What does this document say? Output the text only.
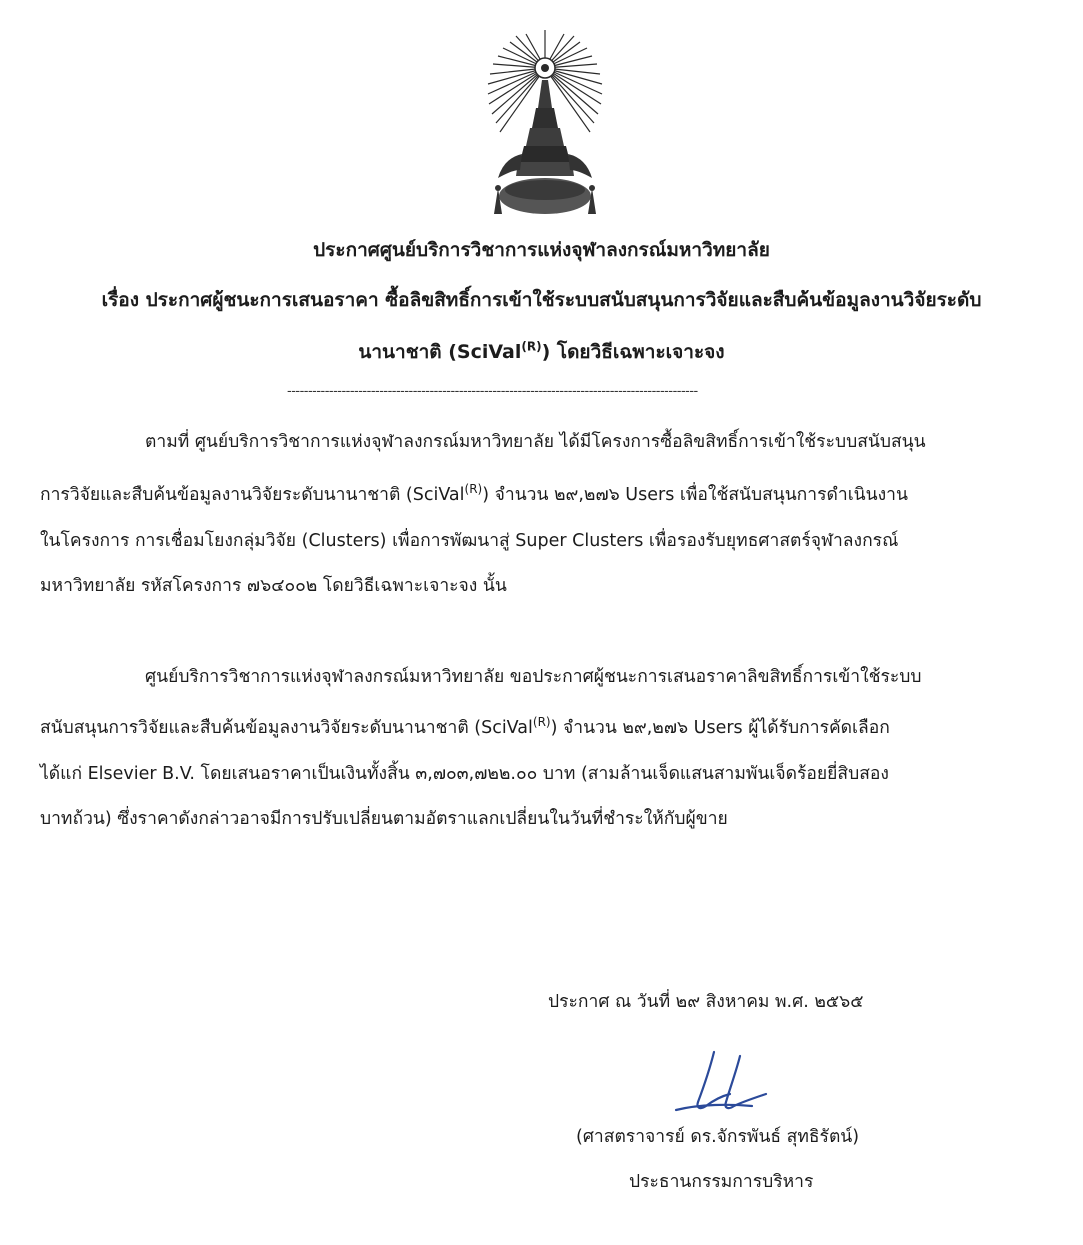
ประกาศศูนย์บริการวิชาการแห่งจุฬาลงกรณ์มหาวิทยาลัย
เรื่อง ประกาศผู้ชนะการเสนอราคา ซื้อลิขสิทธิ์การเข้าใช้ระบบสนับสนุนการวิจัยและสืบค้นข้อมูลงานวิจัยระดับ
นานาชาติ (SciVal$^{(R)}$) โดยวิธีเฉพาะเจาะจง
--------------------------------------------------------------------------------------------------
ตามที่ ศูนย์บริการวิชาการแห่งจุฬาลงกรณ์มหาวิทยาลัย ได้มีโครงการซื้อลิขสิทธิ์การเข้าใช้ระบบสนับสนุน
การวิจัยและสืบค้นข้อมูลงานวิจัยระดับนานาชาติ (SciVal$^{(R)}$) จำนวน ๒๙,๒๗๖ Users เพื่อใช้สนับสนุนการดำเนินงาน
ในโครงการ การเชื่อมโยงกลุ่มวิจัย (Clusters) เพื่อการพัฒนาสู่ Super Clusters เพื่อรองรับยุทธศาสตร์จุฬาลงกรณ์
มหาวิทยาลัย รหัสโครงการ ๗๖๔๐๐๒ โดยวิธีเฉพาะเจาะจง นั้น
ศูนย์บริการวิชาการแห่งจุฬาลงกรณ์มหาวิทยาลัย ขอประกาศผู้ชนะการเสนอราคาลิขสิทธิ์การเข้าใช้ระบบ
สนับสนุนการวิจัยและสืบค้นข้อมูลงานวิจัยระดับนานาชาติ (SciVal$^{(R)}$) จำนวน ๒๙,๒๗๖ Users ผู้ได้รับการคัดเลือก
ได้แก่ Elsevier B.V. โดยเสนอราคาเป็นเงินทั้งสิ้น ๓,๗๐๓,๗๒๒.๐๐ บาท (สามล้านเจ็ดแสนสามพันเจ็ดร้อยยี่สิบสอง
บาทถ้วน) ซึ่งราคาดังกล่าวอาจมีการปรับเปลี่ยนตามอัตราแลกเปลี่ยนในวันที่ชำระให้กับผู้ขาย
ประกาศ ณ วันที่ ๒๙ สิงหาคม พ.ศ. ๒๕๖๕
(ศาสตราจารย์ ดร.จักรพันธ์ สุทธิรัตน์)
ประธานกรรมการบริหาร
